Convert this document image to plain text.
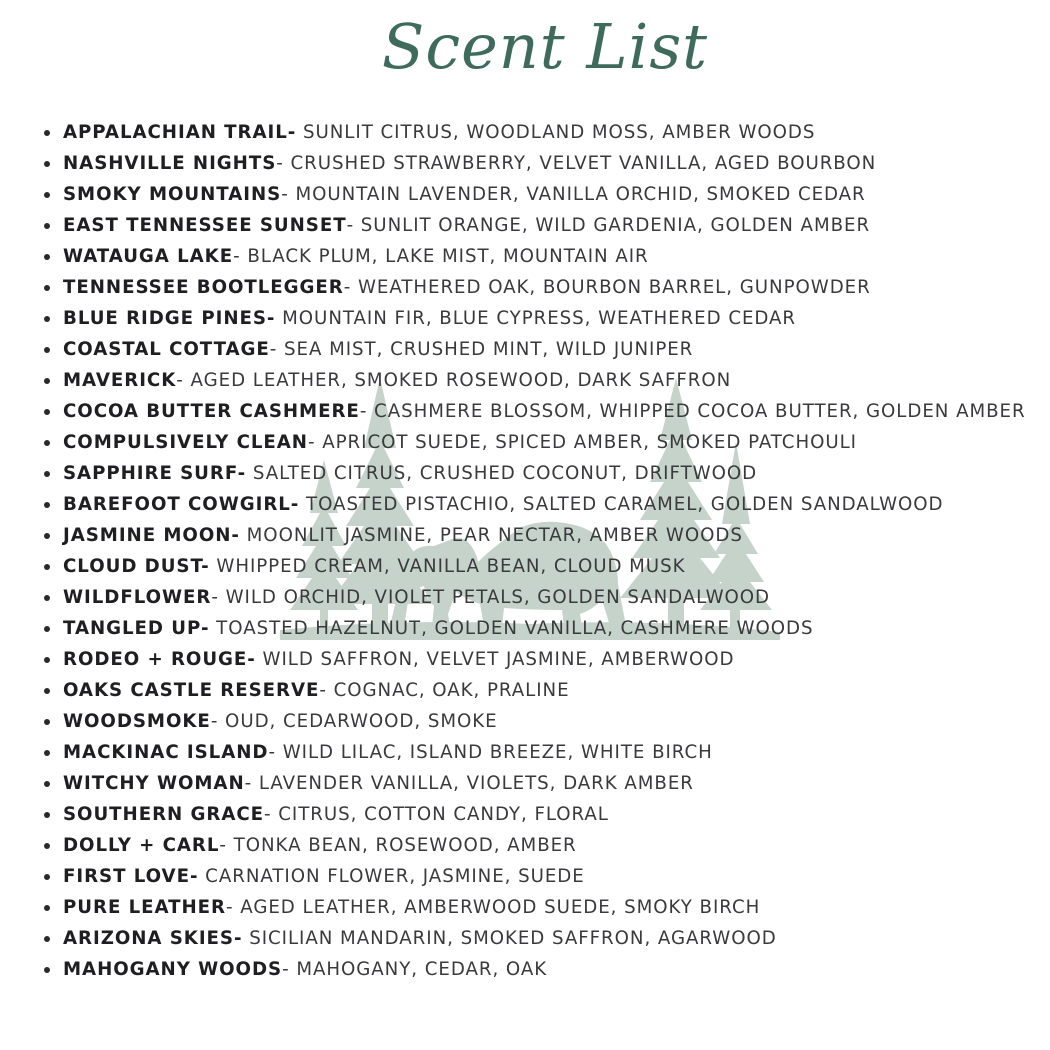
Scent List
APPALACHIAN TRAIL- SUNLIT CITRUS, WOODLAND MOSS, AMBER WOODS
NASHVILLE NIGHTS- CRUSHED STRAWBERRY, VELVET VANILLA, AGED BOURBON
SMOKY MOUNTAINS- MOUNTAIN LAVENDER, VANILLA ORCHID, SMOKED CEDAR
EAST TENNESSEE SUNSET- SUNLIT ORANGE, WILD GARDENIA, GOLDEN AMBER
WATAUGA LAKE- BLACK PLUM, LAKE MIST, MOUNTAIN AIR
TENNESSEE BOOTLEGGER- WEATHERED OAK, BOURBON BARREL, GUNPOWDER
BLUE RIDGE PINES- MOUNTAIN FIR, BLUE CYPRESS, WEATHERED CEDAR
COASTAL COTTAGE- SEA MIST, CRUSHED MINT, WILD JUNIPER
MAVERICK- AGED LEATHER, SMOKED ROSEWOOD, DARK SAFFRON
COCOA BUTTER CASHMERE- CASHMERE BLOSSOM, WHIPPED COCOA BUTTER, GOLDEN AMBER
COMPULSIVELY CLEAN- APRICOT SUEDE, SPICED AMBER, SMOKED PATCHOULI
SAPPHIRE SURF- SALTED CITRUS, CRUSHED COCONUT, DRIFTWOOD
BAREFOOT COWGIRL- TOASTED PISTACHIO, SALTED CARAMEL, GOLDEN SANDALWOOD
JASMINE MOON- MOONLIT JASMINE, PEAR NECTAR, AMBER WOODS
CLOUD DUST- WHIPPED CREAM, VANILLA BEAN, CLOUD MUSK
WILDFLOWER- WILD ORCHID, VIOLET PETALS, GOLDEN SANDALWOOD
TANGLED UP- TOASTED HAZELNUT, GOLDEN VANILLA, CASHMERE WOODS
RODEO + ROUGE- WILD SAFFRON, VELVET JASMINE, AMBERWOOD
OAKS CASTLE RESERVE- COGNAC, OAK, PRALINE
WOODSMOKE- OUD, CEDARWOOD, SMOKE
MACKINAC ISLAND- WILD LILAC, ISLAND BREEZE, WHITE BIRCH
WITCHY WOMAN- LAVENDER VANILLA, VIOLETS, DARK AMBER
SOUTHERN GRACE- CITRUS, COTTON CANDY, FLORAL
DOLLY + CARL- TONKA BEAN, ROSEWOOD, AMBER
FIRST LOVE- CARNATION FLOWER, JASMINE, SUEDE
PURE LEATHER- AGED LEATHER, AMBERWOOD SUEDE, SMOKY BIRCH
ARIZONA SKIES- SICILIAN MANDARIN, SMOKED SAFFRON, AGARWOOD
MAHOGANY WOODS- MAHOGANY, CEDAR, OAK
